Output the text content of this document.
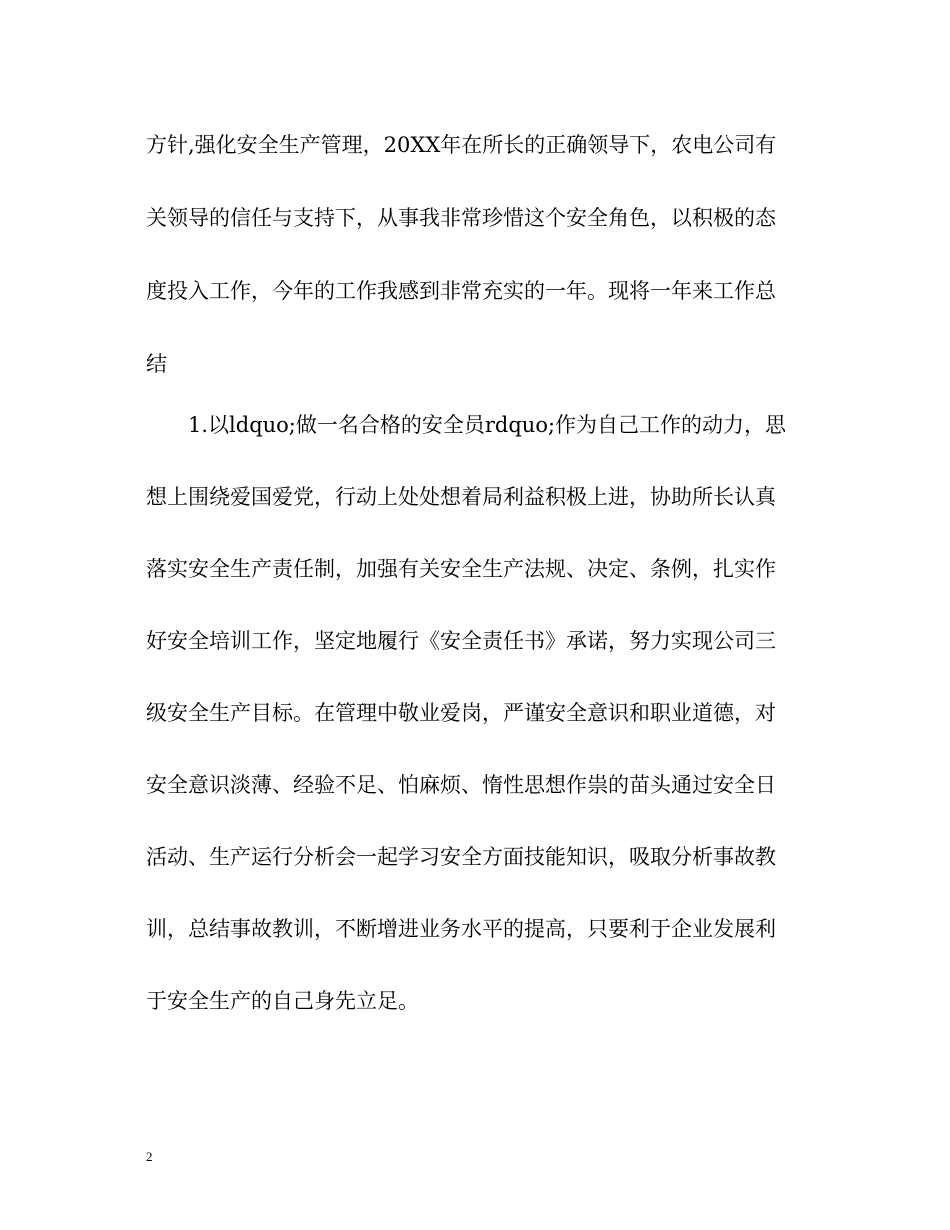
方针,强化安全生产管理，20XX年在所长的正确领导下，农电公司有

关领导的信任与支持下，从事我非常珍惜这个安全角色，以积极的态

度投入工作，今年的工作我感到非常充实的一年。现将一年来工作总

结

1.以ldquo;做一名合格的安全员rdquo;作为自己工作的动力，思

想上围绕爱国爱党，行动上处处想着局利益积极上进，协助所长认真

落实安全生产责任制，加强有关安全生产法规、决定、条例，扎实作

好安全培训工作，坚定地履行《安全责任书》承诺，努力实现公司三

级安全生产目标。在管理中敬业爱岗，严谨安全意识和职业道德，对

安全意识淡薄、经验不足、怕麻烦、惰性思想作祟的苗头通过安全日

活动、生产运行分析会一起学习安全方面技能知识，吸取分析事故教

训，总结事故教训，不断增进业务水平的提高，只要利于企业发展利

于安全生产的自己身先立足。

2
